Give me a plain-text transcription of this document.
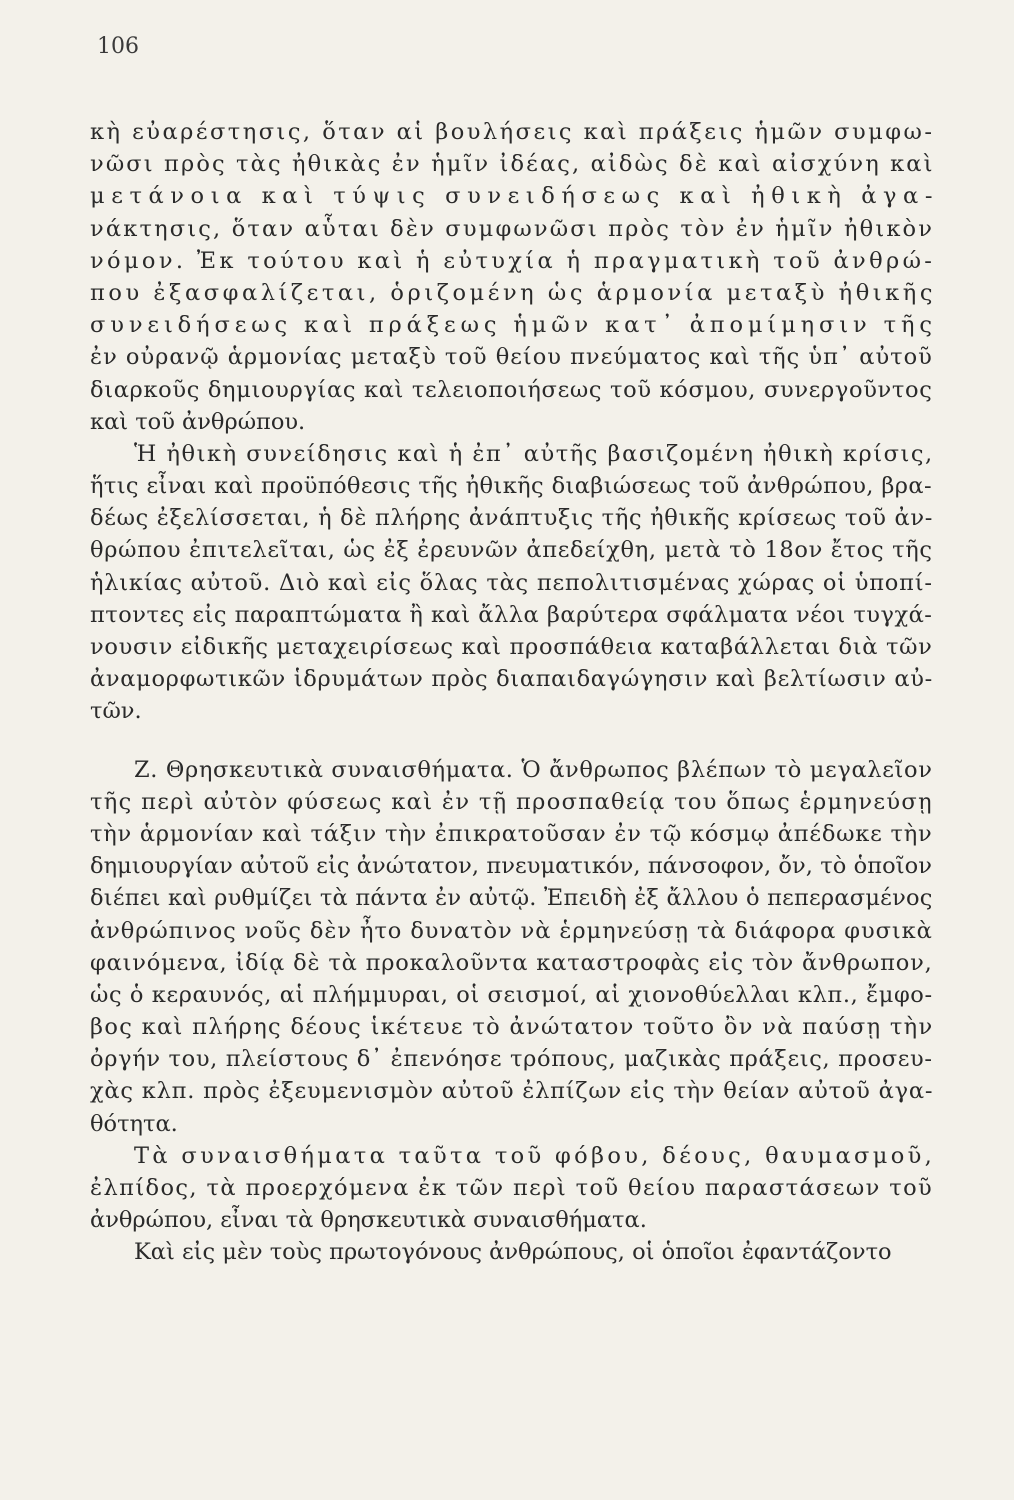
106
κὴ εὐαρέστησις, ὅταν αἱ βουλήσεις καὶ πράξεις ἡμῶν συμφω-
νῶσι πρὸς τὰς ἠθικὰς ἐν ἡμῖν ἰδέας, αἰδὼς δὲ καὶ αἰσχύνη καὶ
μετάνοια καὶ τύψις συνειδήσεως καὶ ἠθικὴ ἀγα-
νάκτησις, ὅταν αὗται δὲν συμφωνῶσι πρὸς τὸν ἐν ἡμῖν ἠθικὸν
νόμον. Ἐκ τούτου καὶ ἡ εὐτυχία ἡ πραγματικὴ τοῦ ἀνθρώ-
που ἐξασφαλίζεται, ὁριζομένη ὡς ἁρμονία μεταξὺ ἠθικῆς
συνειδήσεως καὶ πράξεως ἡμῶν κατ᾽ ἀπομίμησιν τῆς
ἐν οὐρανῷ ἁρμονίας μεταξὺ τοῦ θείου πνεύματος καὶ τῆς ὑπ᾽ αὐτοῦ
διαρκοῦς δημιουργίας καὶ τελειοποιήσεως τοῦ κόσμου, συνεργοῦντος
καὶ τοῦ ἀνθρώπου.
Ἡ ἠθικὴ συνείδησις καὶ ἡ ἐπ᾽ αὐτῆς βασιζομένη ἠθικὴ κρίσις,
ἥτις εἶναι καὶ προϋπόθεσις τῆς ἠθικῆς διαβιώσεως τοῦ ἀνθρώπου, βρα-
δέως ἐξελίσσεται, ἡ δὲ πλήρης ἀνάπτυξις τῆς ἠθικῆς κρίσεως τοῦ ἀν-
θρώπου ἐπιτελεῖται, ὡς ἐξ ἐρευνῶν ἀπεδείχθη, μετὰ τὸ 18ον ἔτος τῆς
ἡλικίας αὐτοῦ. Διὸ καὶ εἰς ὅλας τὰς πεπολιτισμένας χώρας οἱ ὑποπί-
πτοντες εἰς παραπτώματα ἢ καὶ ἄλλα βαρύτερα σφάλματα νέοι τυγχά-
νουσιν εἰδικῆς μεταχειρίσεως καὶ προσπάθεια καταβάλλεται διὰ τῶν
ἀναμορφωτικῶν ἱδρυμάτων πρὸς διαπαιδαγώγησιν καὶ βελτίωσιν αὐ-
τῶν.
Ζ. Θρησκευτικὰ συναισθήματα. Ὁ ἄνθρωπος βλέπων τὸ μεγαλεῖον
τῆς περὶ αὐτὸν φύσεως καὶ ἐν τῇ προσπαθείᾳ του ὅπως ἑρμηνεύσῃ
τὴν ἁρμονίαν καὶ τάξιν τὴν ἐπικρατοῦσαν ἐν τῷ κόσμῳ ἀπέδωκε τὴν
δημιουργίαν αὐτοῦ εἰς ἀνώτατον, πνευματικόν, πάνσοφον, ὄν, τὸ ὁποῖον
διέπει καὶ ρυθμίζει τὰ πάντα ἐν αὐτῷ. Ἐπειδὴ ἐξ ἄλλου ὁ πεπερασμένος
ἀνθρώπινος νοῦς δὲν ἦτο δυνατὸν νὰ ἑρμηνεύσῃ τὰ διάφορα φυσικὰ
φαινόμενα, ἰδίᾳ δὲ τὰ προκαλοῦντα καταστροφὰς εἰς τὸν ἄνθρωπον,
ὡς ὁ κεραυνός, αἱ πλήμμυραι, οἱ σεισμοί, αἱ χιονοθύελλαι κλπ., ἔμφο-
βος καὶ πλήρης δέους ἱκέτευε τὸ ἀνώτατον τοῦτο ὂν νὰ παύσῃ τὴν
ὀργήν του, πλείστους δ᾽ ἐπενόησε τρόπους, μαζικὰς πράξεις, προσευ-
χὰς κλπ. πρὸς ἐξευμενισμὸν αὐτοῦ ἐλπίζων εἰς τὴν θείαν αὐτοῦ ἀγα-
θότητα.
Τὰ συναισθήματα ταῦτα τοῦ φόβου, δέους, θαυμασμοῦ,
ἐλπίδος, τὰ προερχόμενα ἐκ τῶν περὶ τοῦ θείου παραστάσεων τοῦ
ἀνθρώπου, εἶναι τὰ θρησκευτικὰ συναισθήματα.
Καὶ εἰς μὲν τοὺς πρωτογόνους ἀνθρώπους, οἱ ὁποῖοι ἐφαντάζοντο
